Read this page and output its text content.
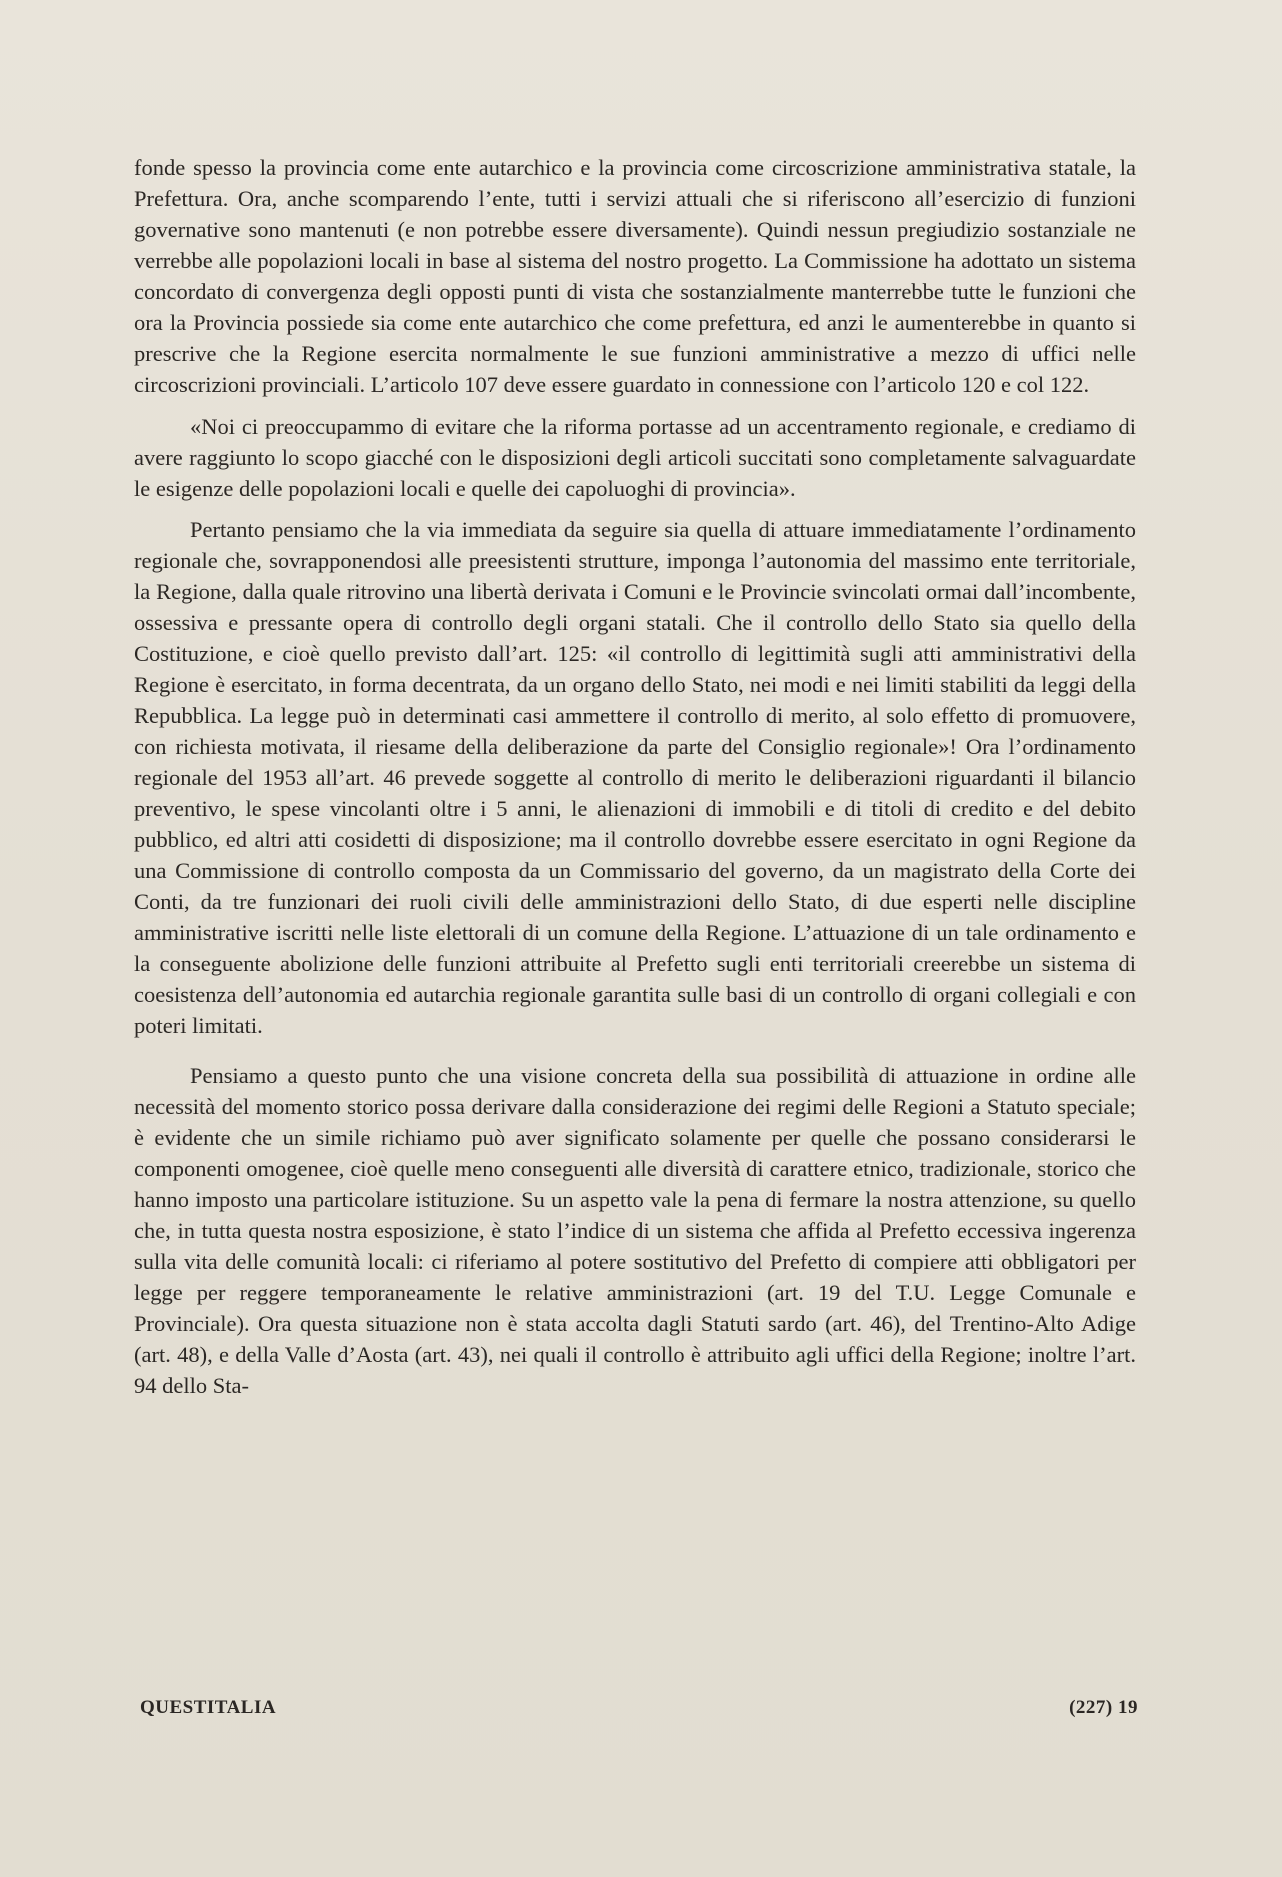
fonde spesso la provincia come ente autarchico e la provincia come circoscrizione amministrativa statale, la Prefettura. Ora, anche scomparendo l’ente, tutti i servizi attuali che si riferiscono all’esercizio di funzioni governative sono mantenuti (e non potrebbe essere diversamente). Quindi nessun pregiudizio sostanziale ne verrebbe alle popolazioni locali in base al sistema del nostro progetto. La Commissione ha adottato un sistema concordato di convergenza degli opposti punti di vista che sostanzialmente manterrebbe tutte le funzioni che ora la Provincia possiede sia come ente autarchico che come prefettura, ed anzi le aumenterebbe in quanto si prescrive che la Regione esercita normalmente le sue funzioni amministrative a mezzo di uffici nelle circoscrizioni provinciali. L’articolo 107 deve essere guardato in connessione con l’articolo 120 e col 122.

«Noi ci preoccupammo di evitare che la riforma portasse ad un accentramento regionale, e crediamo di avere raggiunto lo scopo giacché con le disposizioni degli articoli succitati sono completamente salvaguardate le esigenze delle popolazioni locali e quelle dei capoluoghi di provincia».

Pertanto pensiamo che la via immediata da seguire sia quella di attuare immediatamente l’ordinamento regionale che, sovrapponendosi alle preesistenti strutture, imponga l’autonomia del massimo ente territoriale, la Regione, dalla quale ritrovino una libertà derivata i Comuni e le Provincie svincolati ormai dall’incombente, ossessiva e pressante opera di controllo degli organi statali. Che il controllo dello Stato sia quello della Costituzione, e cioè quello previsto dall’art. 125: «il controllo di legittimità sugli atti amministrativi della Regione è esercitato, in forma decentrata, da un organo dello Stato, nei modi e nei limiti stabiliti da leggi della Repubblica. La legge può in determinati casi ammettere il controllo di merito, al solo effetto di promuovere, con richiesta motivata, il riesame della deliberazione da parte del Consiglio regionale»! Ora l’ordinamento regionale del 1953 all’art. 46 prevede soggette al controllo di merito le deliberazioni riguardanti il bilancio preventivo, le spese vincolanti oltre i 5 anni, le alienazioni di immobili e di titoli di credito e del debito pubblico, ed altri atti cosidetti di disposizione; ma il controllo dovrebbe essere esercitato in ogni Regione da una Commissione di controllo composta da un Commissario del governo, da un magistrato della Corte dei Conti, da tre funzionari dei ruoli civili delle amministrazioni dello Stato, di due esperti nelle discipline amministrative iscritti nelle liste elettorali di un comune della Regione. L’attuazione di un tale ordinamento e la conseguente abolizione delle funzioni attribuite al Prefetto sugli enti territoriali creerebbe un sistema di coesistenza dell’autonomia ed autarchia regionale garantita sulle basi di un controllo di organi collegiali e con poteri limitati.

Pensiamo a questo punto che una visione concreta della sua possibilità di attuazione in ordine alle necessità del momento storico possa derivare dalla considerazione dei regimi delle Regioni a Statuto speciale; è evidente che un simile richiamo può aver significato solamente per quelle che possano considerarsi le componenti omogenee, cioè quelle meno conseguenti alle diversità di carattere etnico, tradizionale, storico che hanno imposto una particolare istituzione. Su un aspetto vale la pena di fermare la nostra attenzione, su quello che, in tutta questa nostra esposizione, è stato l’indice di un sistema che affida al Prefetto eccessiva ingerenza sulla vita delle comunità locali: ci riferiamo al potere sostitutivo del Prefetto di compiere atti obbligatori per legge per reggere temporaneamente le relative amministrazioni (art. 19 del T.U. Legge Comunale e Provinciale). Ora questa situazione non è stata accolta dagli Statuti sardo (art. 46), del Trentino-Alto Adige (art. 48), e della Valle d’Aosta (art. 43), nei quali il controllo è attribuito agli uffici della Regione; inoltre l’art. 94 dello Sta-

QUESTITALIA	(227) 19
